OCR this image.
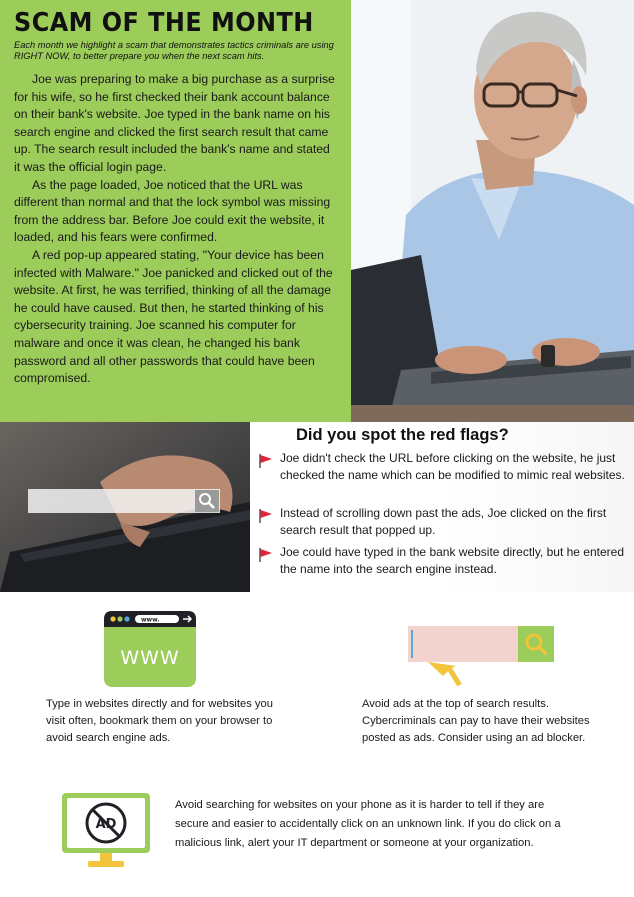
SCAM OF THE MONTH
Each month we highlight a scam that demonstrates tactics criminals are using RIGHT NOW, to better prepare you when the next scam hits.

Joe was preparing to make a big purchase as a surprise for his wife, so he first checked their bank account balance on their bank's website. Joe typed in the bank name on his search engine and clicked the first search result that came up. The search result included the bank's name and stated it was the official login page.

As the page loaded, Joe noticed that the URL was different than normal and that the lock symbol was missing from the address bar. Before Joe could exit the website, it loaded, and his fears were confirmed.

A red pop-up appeared stating, "Your device has been infected with Malware." Joe panicked and clicked out of the website. At first, he was terrified, thinking of all the damage he could have caused. But then, he started thinking of his cybersecurity training. Joe scanned his computer for malware and once it was clean, he changed his bank password and all other passwords that could have been compromised.

Did you spot the red flags?
Joe didn't check the URL before clicking on the website, he just checked the name which can be modified to mimic real websites.
Instead of scrolling down past the ads, Joe clicked on the first search result that popped up.
Joe could have typed in the bank website directly, but he entered the name into the search engine instead.
www.
WWW

Type in websites directly and for websites you visit often, bookmark them on your browser to avoid search engine ads.

Avoid ads at the top of search results. Cybercriminals can pay to have their websites posted as ads. Consider using an ad blocker.

AD

Avoid searching for websites on your phone as it is harder to tell if they are secure and easier to accidentally click on an unknown link. If you do click on a malicious link, alert your IT department or someone at your organization.
